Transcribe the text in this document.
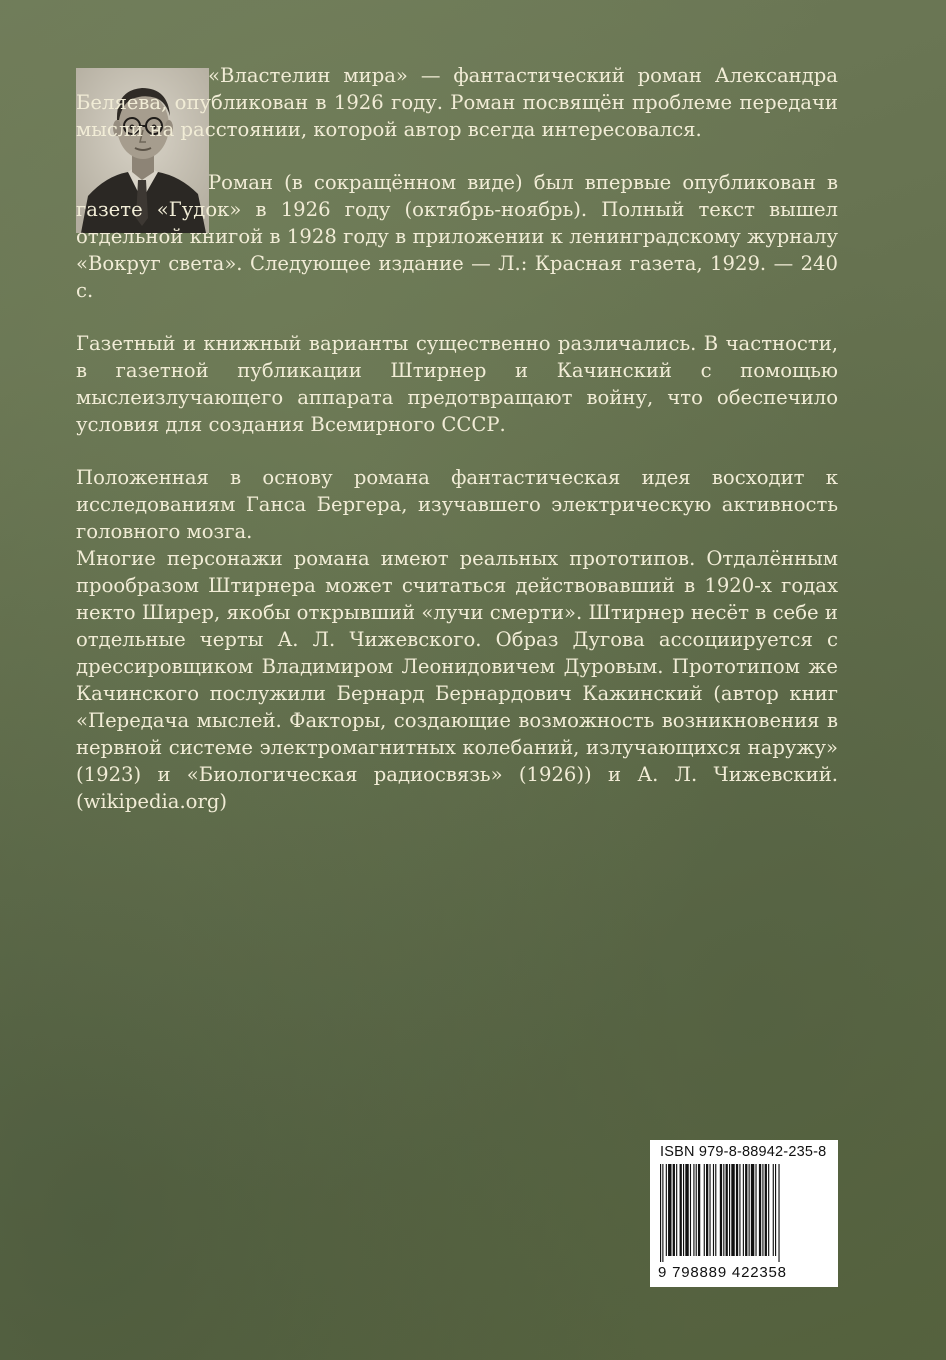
«Властелин мира» — фантастический роман Александра Беляева, опубликован в 1926 году. Роман посвящён проблеме передачи мысли на расстоянии, которой автор всегда интересовался.

Роман (в сокращённом виде) был впервые опубликован в газете «Гудок» в 1926 году (октябрь-ноябрь). Полный текст вышел отдельной книгой в 1928 году в приложении к ленинградскому журналу «Вокруг света». Следующее издание — Л.: Красная газета, 1929. — 240 с.

Газетный и книжный варианты существенно различались. В частности, в газетной публикации Штирнер и Качинский с помощью мыслеизлучающего аппарата предотвращают войну, что обеспечило условия для создания Всемирного СССР.

Положенная в основу романа фантастическая идея восходит к исследованиям Ганса Бергера, изучавшего электрическую активность головного мозга.

Многие персонажи романа имеют реальных прототипов. Отдалённым прообразом Штирнера может считаться действовавший в 1920-х годах некто Ширер, якобы открывший «лучи смерти». Штирнер несёт в себе и отдельные черты А. Л. Чижевского. Образ Дугова ассоциируется с дрессировщиком Владимиром Леонидовичем Дуровым. Прототипом же Качинского послужили Бернард Бернардович Кажинский (автор книг «Передача мыслей. Факторы, создающие возможность возникновения в нервной системе электромагнитных колебаний, излучающихся наружу» (1923) и «Биологическая радиосвязь» (1926)) и А. Л. Чижевский. (wikipedia.org)

ISBN 979-8-88942-235-8
9 798889 422358
